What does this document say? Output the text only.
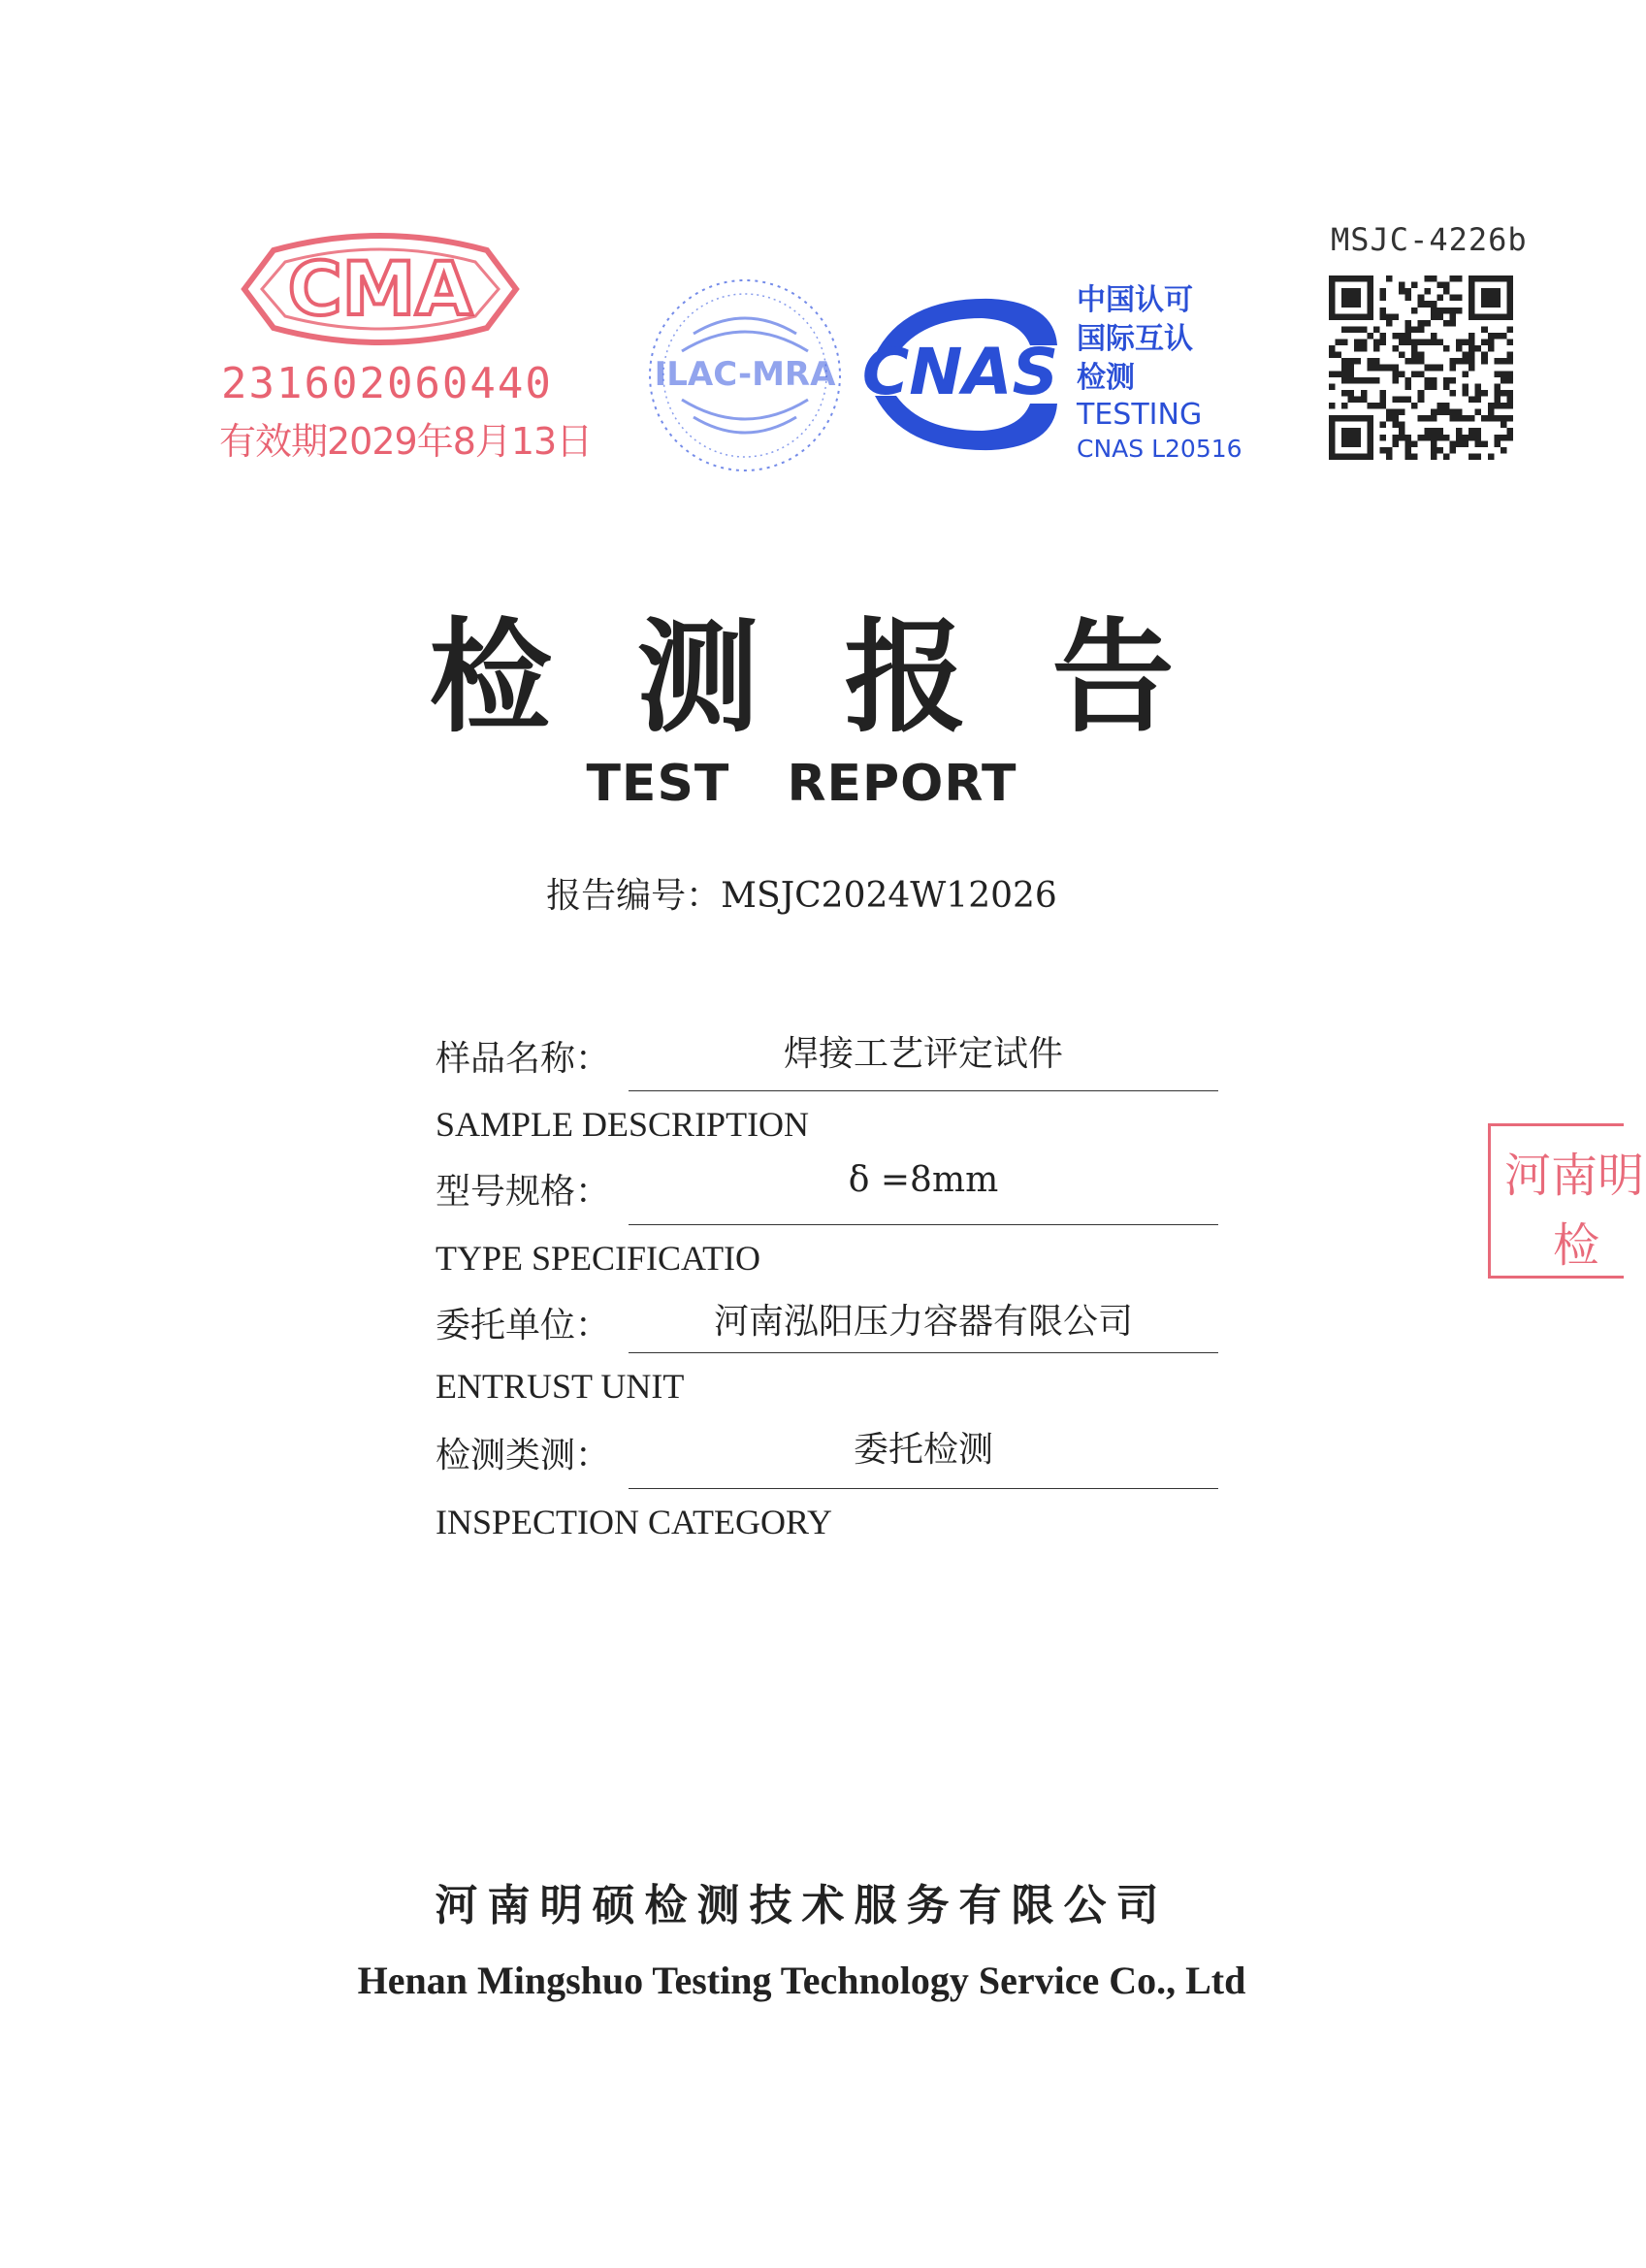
CMA
231602060440
有效期2029年8月13日
ILAC-MRA CNAS
中国认可
国际互认
检测
TESTING
CNAS L20516
MSJC-4226b
检测报告
TEST REPORT
报告编号：MSJC2024W12026
样品名称：	焊接工艺评定试件
SAMPLE DESCRIPTION
型号规格：	δ =8mm
TYPE SPECIFICATIO
委托单位：	河南泓阳压力容器有限公司
ENTRUST UNIT
检测类测：	委托检测
INSPECTION CATEGORY
河南明
检
河南明硕检测技术服务有限公司
Henan Mingshuo Testing Technology Service Co., Ltd
